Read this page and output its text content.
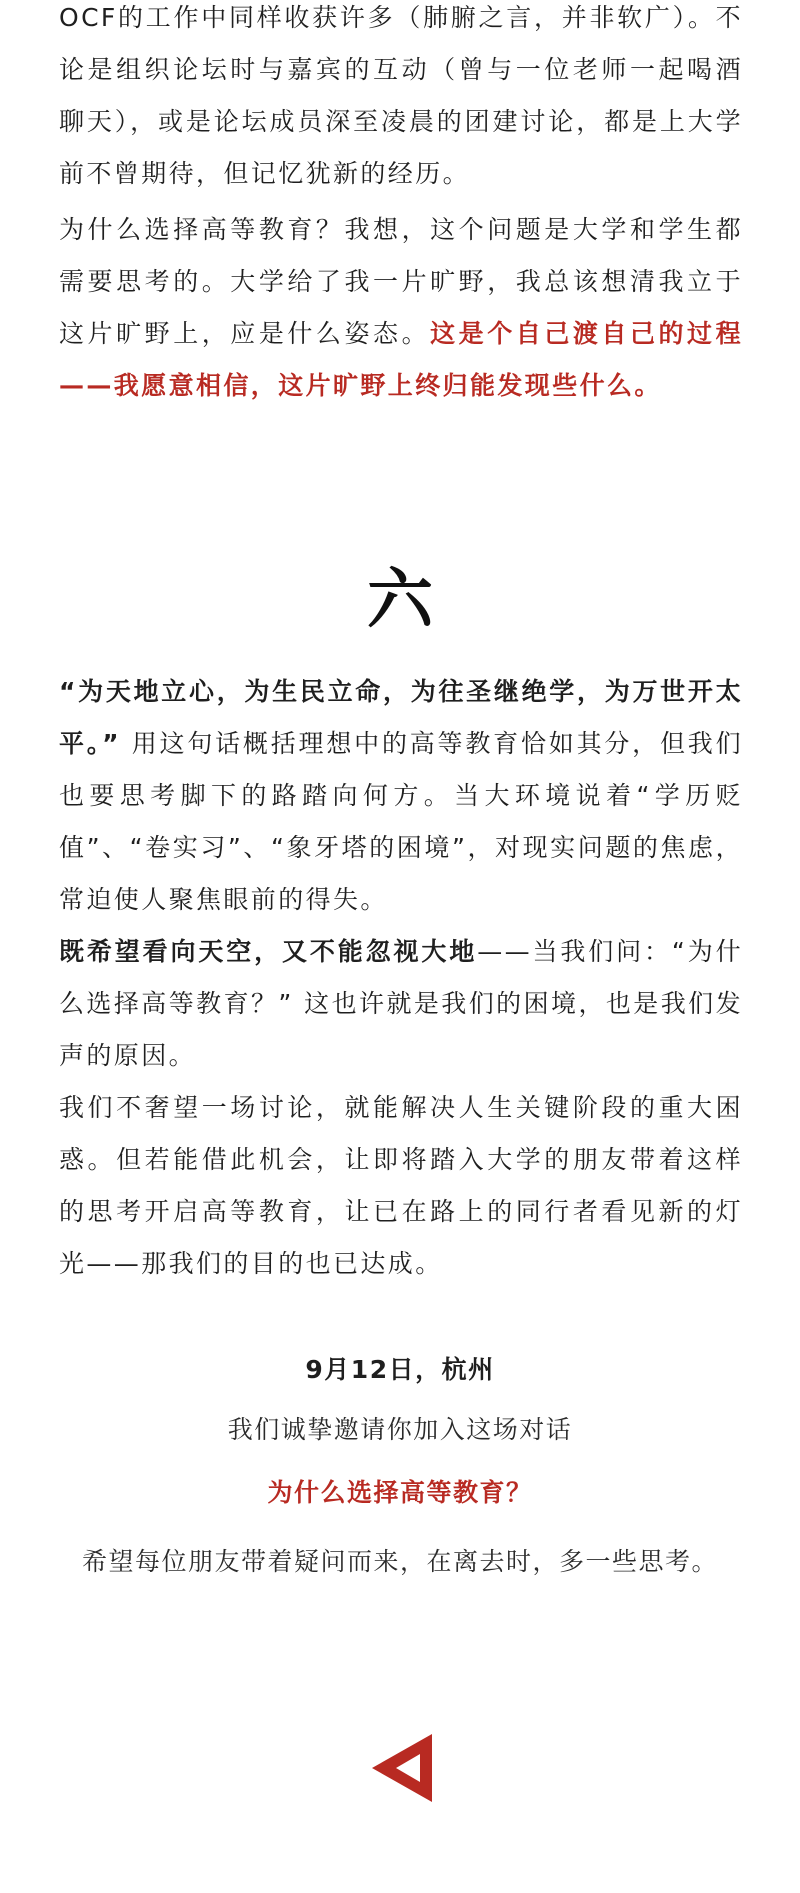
OCF的工作中同样收获许多（肺腑之言，并非软广）。不论是组织论坛时与嘉宾的互动（曾与一位老师一起喝酒聊天），或是论坛成员深至凌晨的团建讨论，都是上大学前不曾期待，但记忆犹新的经历。

为什么选择高等教育？我想，这个问题是大学和学生都需要思考的。大学给了我一片旷野，我总该想清我立于这片旷野上，应是什么姿态。这是个自己渡自己的过程——我愿意相信，这片旷野上终归能发现些什么。

“为天地立心，为生民立命，为往圣继绝学，为万世开太平。” 用这句话概括理想中的高等教育恰如其分，但我们也要思考脚下的路踏向何方。当大环境说着“学历贬值”、“卷实习”、“象牙塔的困境”，对现实问题的焦虑，常迫使人聚焦眼前的得失。

既希望看向天空，又不能忽视大地——当我们问：“为什么选择高等教育？” 这也许就是我们的困境，也是我们发声的原因。

我们不奢望一场讨论，就能解决人生关键阶段的重大困惑。但若能借此机会，让即将踏入大学的朋友带着这样的思考开启高等教育，让已在路上的同行者看见新的灯光——那我们的目的也已达成。

六
9月12日，杭州
我们诚挚邀请你加入这场对话
为什么选择高等教育？
希望每位朋友带着疑问而来，在离去时，多一些思考。
